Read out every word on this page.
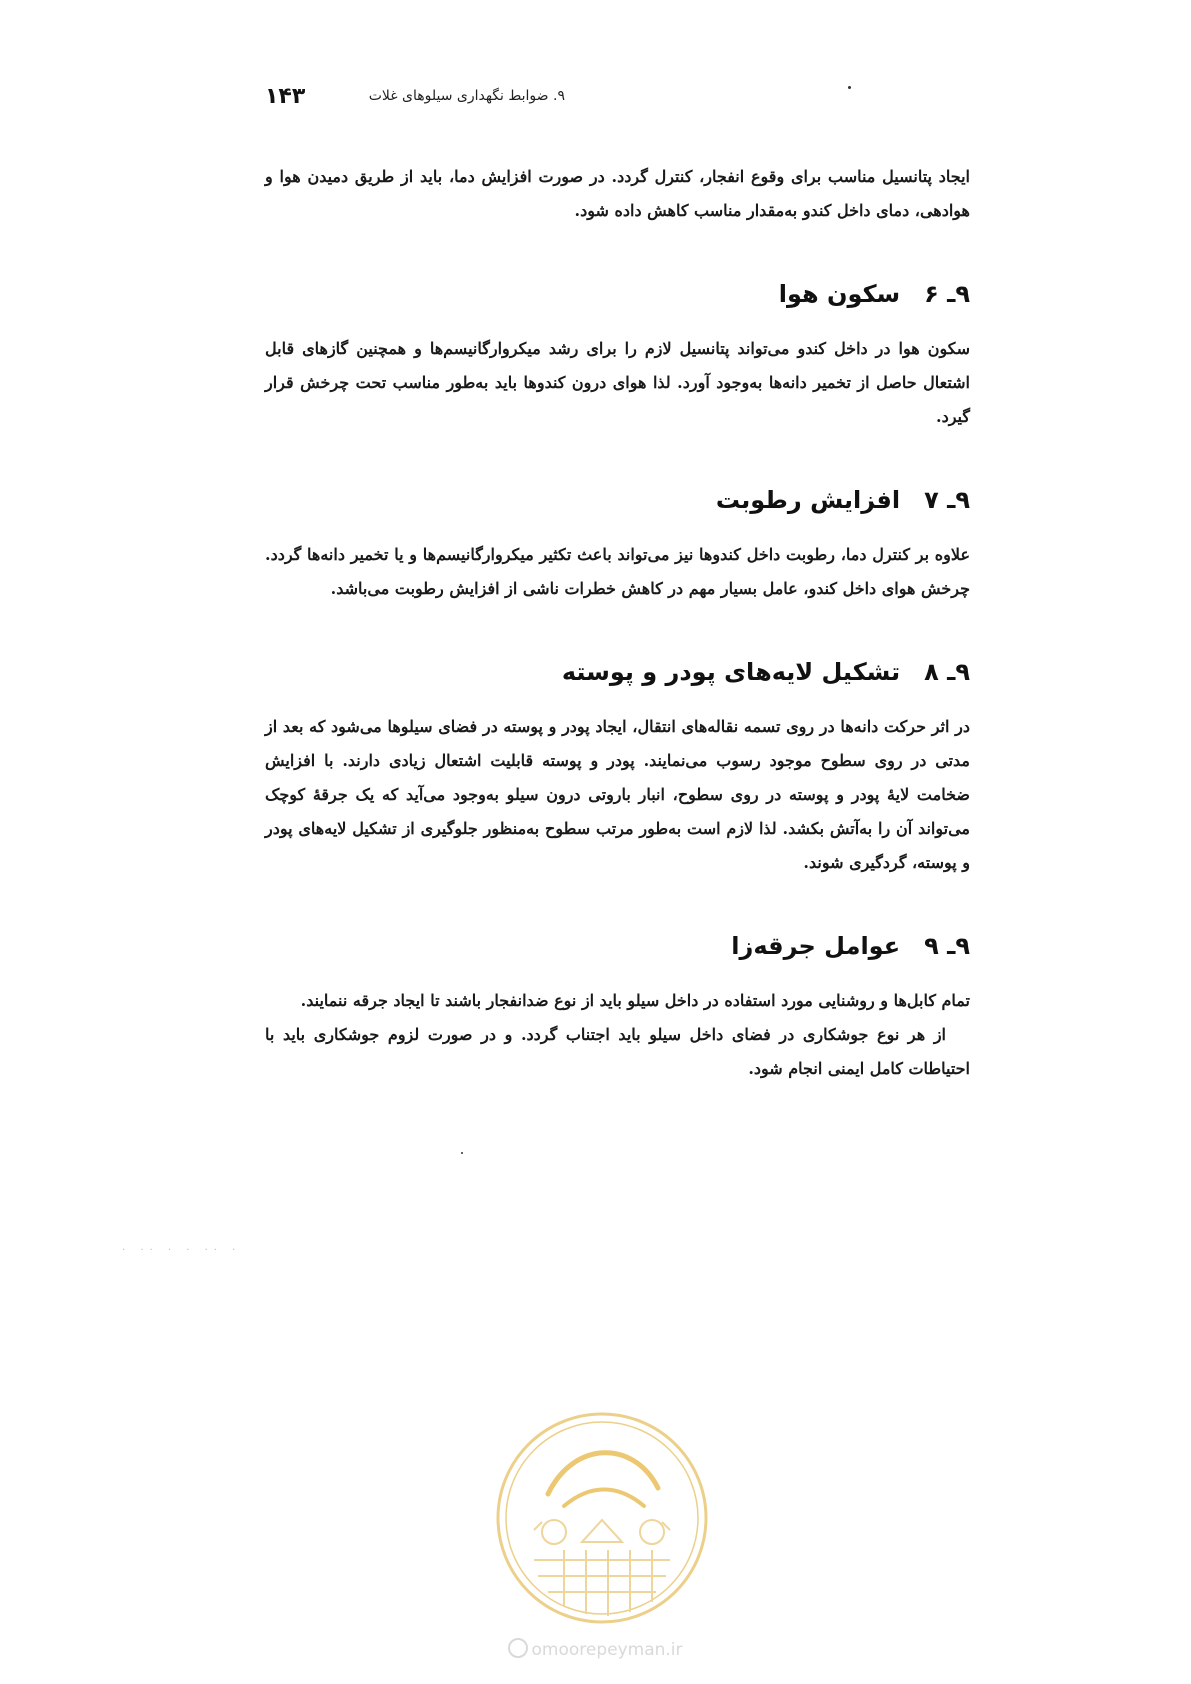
۹. ضوابط نگهداری سیلوهای غلات
۱۴۳

ایجاد پتانسیل مناسب برای وقوع انفجار، کنترل گردد. در صورت افزایش دما، باید از طریق دمیدن هوا و هوادهی، دمای داخل کندو به‌مقدار مناسب کاهش داده شود.

۹ـ ۶
سکون هوا

سکون هوا در داخل کندو می‌تواند پتانسیل لازم را برای رشد میکروارگانیسم‌ها و همچنین گازهای قابل اشتعال حاصل از تخمیر دانه‌ها به‌وجود آورد. لذا هوای درون کندوها باید به‌طور مناسب تحت چرخش قرار گیرد.

۹ـ ۷
افزایش رطوبت

علاوه بر کنترل دما، رطوبت داخل کندوها نیز می‌تواند باعث تکثیر میکروارگانیسم‌ها و یا تخمیر دانه‌ها گردد. چرخش هوای داخل کندو، عامل بسیار مهم در کاهش خطرات ناشی از افزایش رطوبت می‌باشد.

۹ـ ۸
تشکیل لایه‌های پودر و پوسته

در اثر حرکت دانه‌ها در روی تسمه نقاله‌های انتقال، ایجاد پودر و پوسته در فضای سیلوها می‌شود که بعد از مدتی در روی سطوح موجود رسوب می‌نمایند. پودر و پوسته قابلیت اشتعال زیادی دارند. با افزایش ضخامت لایهٔ پودر و پوسته در روی سطوح، انبار باروتی درون سیلو به‌وجود می‌آید که یک جرقهٔ کوچک می‌تواند آن را به‌آتش بکشد. لذا لازم است به‌طور مرتب سطوح به‌منظور جلوگیری از تشکیل لایه‌های پودر و پوسته، گردگیری شوند.

۹ـ ۹
عوامل جرقه‌زا

تمام کابل‌ها و روشنایی مورد استفاده در داخل سیلو باید از نوع ضدانفجار باشند تا ایجاد جرقه ننمایند.

از هر نوع جوشکاری در فضای داخل سیلو باید اجتناب گردد. و در صورت لزوم جوشکاری باید با احتیاطات کامل ایمنی انجام شود.

· ·· · · ·· ·
omoorepeyman.ir
